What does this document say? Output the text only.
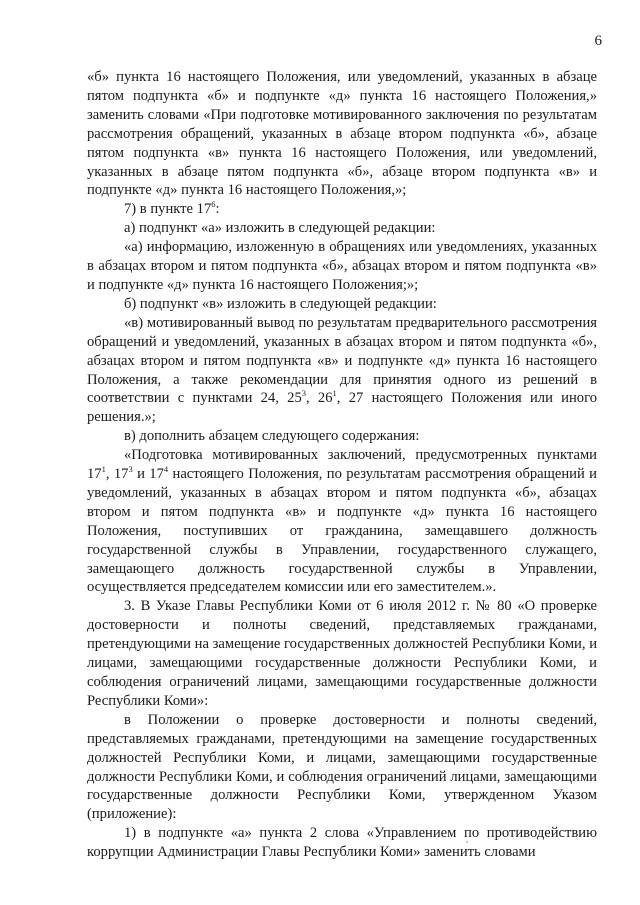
6

«б» пункта 16 настоящего Положения, или уведомлений, указанных в абзаце пятом подпункта «б» и подпункте «д» пункта 16 настоящего Положения,» заменить словами «При подготовке мотивированного заключения по результатам рассмотрения обращений, указанных в абзаце втором подпункта «б», абзаце пятом подпункта «в» пункта 16 настоящего Положения, или уведомлений, указанных в абзаце пятом подпункта «б», абзаце втором подпункта «в» и подпункте «д» пункта 16 настоящего Положения,»;

7) в пункте $17^6$:

а) подпункт «а» изложить в следующей редакции:

«а) информацию, изложенную в обращениях или уведомлениях, указанных в абзацах втором и пятом подпункта «б», абзацах втором и пятом подпункта «в» и подпункте «д» пункта 16 настоящего Положения;»;

б) подпункт «в» изложить в следующей редакции:

«в) мотивированный вывод по результатам предварительного рассмотрения обращений и уведомлений, указанных в абзацах втором и пятом подпункта «б», абзацах втором и пятом подпункта «в» и подпункте «д» пункта 16 настоящего Положения, а также рекомендации для принятия одного из решений в соответствии с пунктами 24, $25^3$, $26^1$, 27 настоящего Положения или иного решения.»;

в) дополнить абзацем следующего содержания:

«Подготовка мотивированных заключений, предусмотренных пунктами $17^1$, $17^3$ и $17^4$ настоящего Положения, по результатам рассмотрения обращений и уведомлений, указанных в абзацах втором и пятом подпункта «б», абзацах втором и пятом подпункта «в» и подпункте «д» пункта 16 настоящего Положения, поступивших от гражданина, замещавшего должность государственной службы в Управлении, государственного служащего, замещающего должность государственной службы в Управлении, осуществляется председателем комиссии или его заместителем.».

3. В Указе Главы Республики Коми от 6 июля 2012 г. № 80 «О проверке достоверности и полноты сведений, представляемых гражданами, претендующими на замещение государственных должностей Республики Коми, и лицами, замещающими государственные должности Республики Коми, и соблюдения ограничений лицами, замещающими государственные должности Республики Коми»:

в Положении о проверке достоверности и полноты сведений, представляемых гражданами, претендующими на замещение государственных должностей Республики Коми, и лицами, замещающими государственные должности Республики Коми, и соблюдения ограничений лицами, замещающими государственные должности Республики Коми, утвержденном Указом (приложение):

1) в подпункте «а» пункта 2 слова «Управлением по противодействию коррупции Администрации Главы Республики Коми» заменить словами
